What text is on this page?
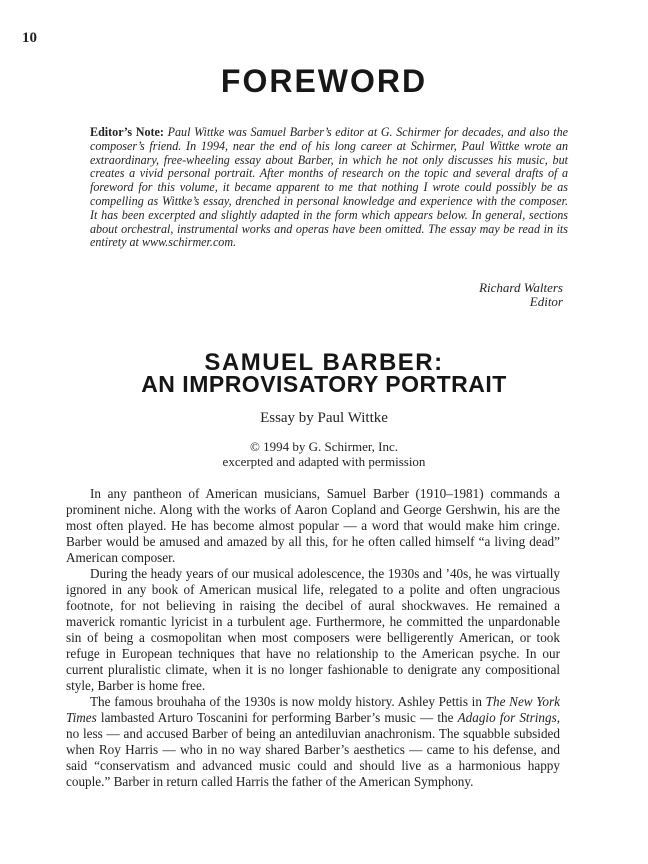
10
FOREWORD

Editor’s Note: Paul Wittke was Samuel Barber’s editor at G. Schirmer for decades, and also the composer’s friend. In 1994, near the end of his long career at Schirmer, Paul Wittke wrote an extraordinary, free-wheeling essay about Barber, in which he not only discusses his music, but creates a vivid personal portrait. After months of research on the topic and several drafts of a foreword for this volume, it became apparent to me that nothing I wrote could possibly be as compelling as Wittke’s essay, drenched in personal knowledge and experience with the composer. It has been excerpted and slightly adapted in the form which appears below. In general, sections about orchestral, instrumental works and operas have been omitted. The essay may be read in its entirety at www.schirmer.com.

Richard Walters
Editor
SAMUEL BARBER:
AN IMPROVISATORY PORTRAIT
Essay by Paul Wittke
© 1994 by G. Schirmer, Inc.
excerpted and adapted with permission

In any pantheon of American musicians, Samuel Barber (1910–1981) commands a prominent niche. Along with the works of Aaron Copland and George Gershwin, his are the most often played. He has become almost popular — a word that would make him cringe. Barber would be amused and amazed by all this, for he often called himself “a living dead” American composer.

During the heady years of our musical adolescence, the 1930s and ’40s, he was virtually ignored in any book of American musical life, relegated to a polite and often ungracious footnote, for not believing in raising the decibel of aural shockwaves. He remained a maverick romantic lyricist in a turbulent age. Furthermore, he committed the unpardonable sin of being a cosmopolitan when most composers were belligerently American, or took refuge in European techniques that have no relationship to the American psyche. In our current pluralistic climate, when it is no longer fashionable to denigrate any compositional style, Barber is home free.

The famous brouhaha of the 1930s is now moldy history. Ashley Pettis in The New York Times lambasted Arturo Toscanini for performing Barber’s music — the Adagio for Strings, no less — and accused Barber of being an antediluvian anachronism. The squabble subsided when Roy Harris — who in no way shared Barber’s aesthetics — came to his defense, and said “conservatism and advanced music could and should live as a harmonious happy couple.” Barber in return called Harris the father of the American Symphony.
